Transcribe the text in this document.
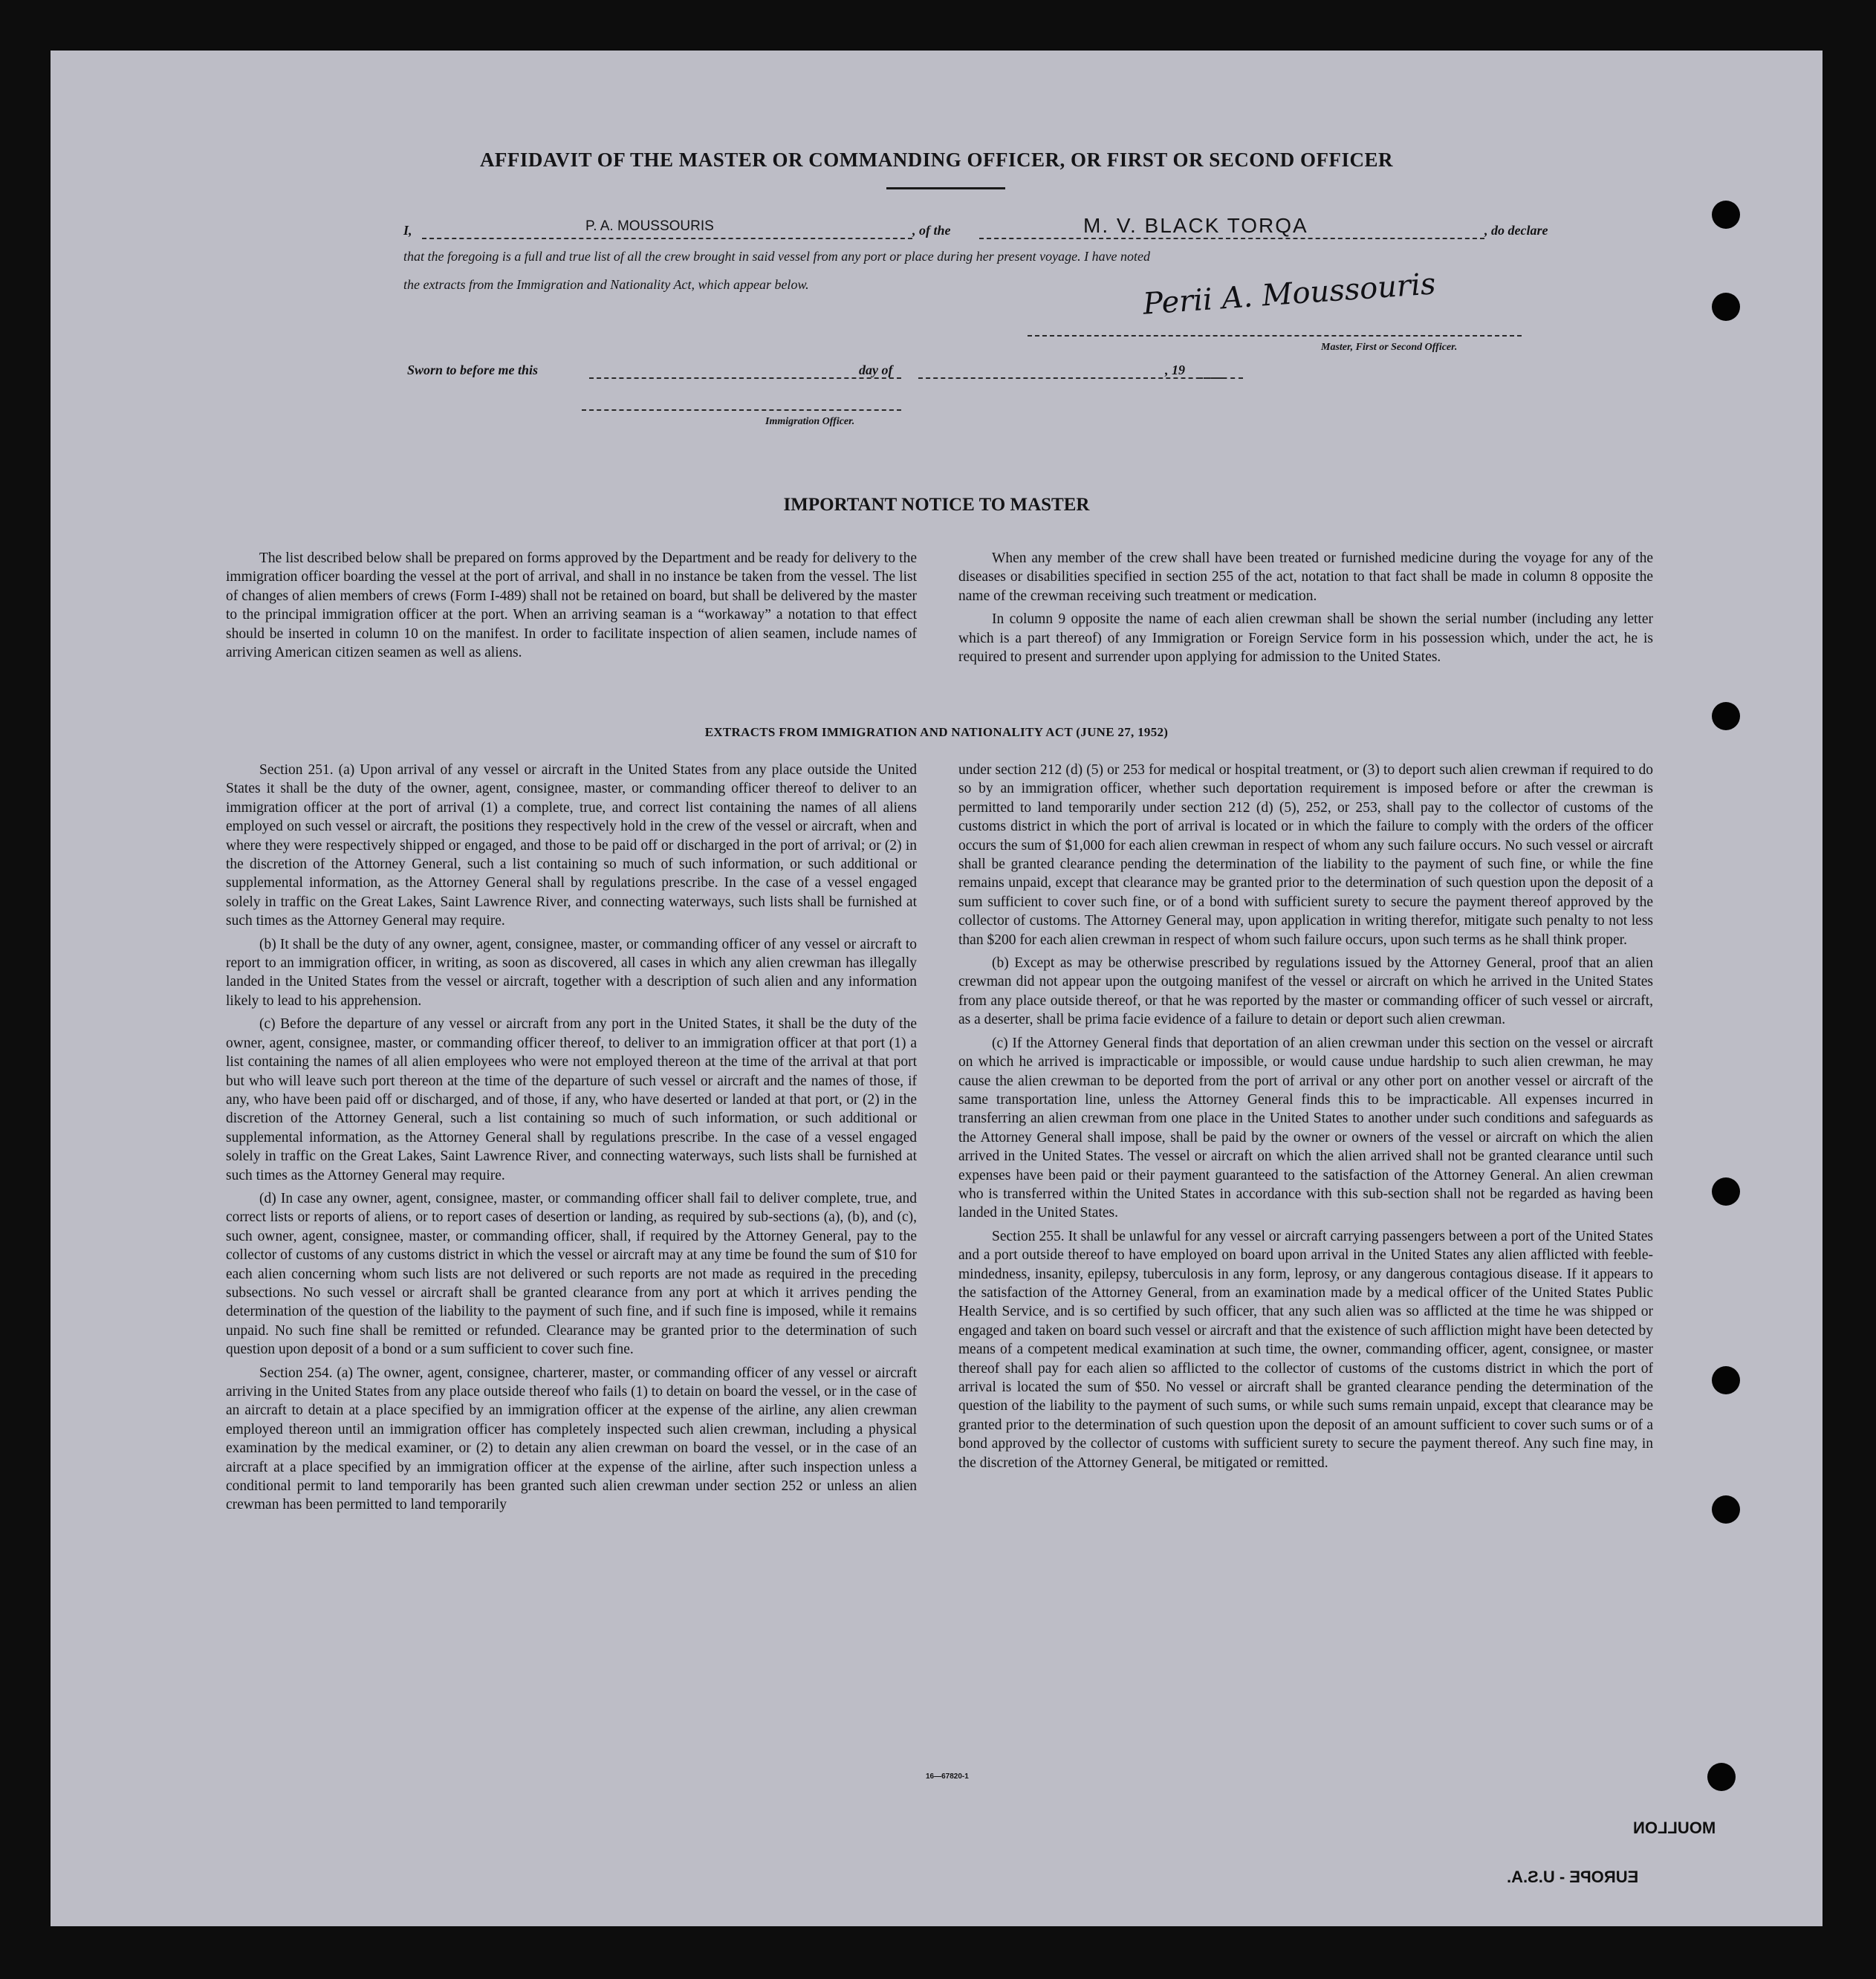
AFFIDAVIT OF THE MASTER OR COMMANDING OFFICER, OR FIRST OR SECOND OFFICER
I,	P. A. MOUSSOURIS	, of the	M. V. BLACK TORQA	, do declare
that the foregoing is a full and true list of all the crew brought in said vessel from any port or place during her present voyage. I have noted
the extracts from the Immigration and Nationality Act, which appear below.	Perii A. Moussouris
Master, First or Second Officer.
Sworn to before me this	day of	, 19
Immigration Officer.
IMPORTANT NOTICE TO MASTER

The list described below shall be prepared on forms approved by the Department and be ready for delivery to the immigration officer boarding the vessel at the port of arrival, and shall in no instance be taken from the vessel. The list of changes of alien members of crews (Form I-489) shall not be retained on board, but shall be delivered by the master to the principal immigration officer at the port. When an arriving seaman is a “workaway” a notation to that effect should be inserted in column 10 on the manifest. In order to facilitate inspection of alien seamen, include names of arriving American citizen seamen as well as aliens.

When any member of the crew shall have been treated or furnished medicine during the voyage for any of the diseases or disabilities specified in section 255 of the act, notation to that fact shall be made in column 8 opposite the name of the crewman receiving such treatment or medication.

In column 9 opposite the name of each alien crewman shall be shown the serial number (including any letter which is a part thereof) of any Immigration or Foreign Service form in his possession which, under the act, he is required to present and surrender upon applying for admission to the United States.

EXTRACTS FROM IMMIGRATION AND NATIONALITY ACT (JUNE 27, 1952)

Section 251. (a) Upon arrival of any vessel or aircraft in the United States from any place outside the United States it shall be the duty of the owner, agent, consignee, master, or commanding officer thereof to deliver to an immigration officer at the port of arrival (1) a complete, true, and correct list containing the names of all aliens employed on such vessel or aircraft, the positions they respectively hold in the crew of the vessel or aircraft, when and where they were respectively shipped or engaged, and those to be paid off or discharged in the port of arrival; or (2) in the discretion of the Attorney General, such a list containing so much of such information, or such additional or supplemental information, as the Attorney General shall by regulations prescribe. In the case of a vessel engaged solely in traffic on the Great Lakes, Saint Lawrence River, and connecting waterways, such lists shall be furnished at such times as the Attorney General may require.

(b) It shall be the duty of any owner, agent, consignee, master, or commanding officer of any vessel or aircraft to report to an immigration officer, in writing, as soon as discovered, all cases in which any alien crewman has illegally landed in the United States from the vessel or aircraft, together with a description of such alien and any information likely to lead to his apprehension.

(c) Before the departure of any vessel or aircraft from any port in the United States, it shall be the duty of the owner, agent, consignee, master, or commanding officer thereof, to deliver to an immigration officer at that port (1) a list containing the names of all alien employees who were not employed thereon at the time of the arrival at that port but who will leave such port thereon at the time of the departure of such vessel or aircraft and the names of those, if any, who have been paid off or discharged, and of those, if any, who have deserted or landed at that port, or (2) in the discretion of the Attorney General, such a list containing so much of such information, or such additional or supplemental information, as the Attorney General shall by regulations prescribe. In the case of a vessel engaged solely in traffic on the Great Lakes, Saint Lawrence River, and connecting waterways, such lists shall be furnished at such times as the Attorney General may require.

(d) In case any owner, agent, consignee, master, or commanding officer shall fail to deliver complete, true, and correct lists or reports of aliens, or to report cases of desertion or landing, as required by sub-sections (a), (b), and (c), such owner, agent, consignee, master, or commanding officer, shall, if required by the Attorney General, pay to the collector of customs of any customs district in which the vessel or aircraft may at any time be found the sum of $10 for each alien concerning whom such lists are not delivered or such reports are not made as required in the preceding subsections. No such vessel or aircraft shall be granted clearance from any port at which it arrives pending the determination of the question of the liability to the payment of such fine, and if such fine is imposed, while it remains unpaid. No such fine shall be remitted or refunded. Clearance may be granted prior to the determination of such question upon deposit of a bond or a sum sufficient to cover such fine.

Section 254. (a) The owner, agent, consignee, charterer, master, or commanding officer of any vessel or aircraft arriving in the United States from any place outside thereof who fails (1) to detain on board the vessel, or in the case of an aircraft to detain at a place specified by an immigration officer at the expense of the airline, any alien crewman employed thereon until an immigration officer has completely inspected such alien crewman, including a physical examination by the medical examiner, or (2) to detain any alien crewman on board the vessel, or in the case of an aircraft at a place specified by an immigration officer at the expense of the airline, after such inspection unless a conditional permit to land temporarily has been granted such alien crewman under section 252 or unless an alien crewman has been permitted to land temporarily

under section 212 (d) (5) or 253 for medical or hospital treatment, or (3) to deport such alien crewman if required to do so by an immigration officer, whether such deportation requirement is imposed before or after the crewman is permitted to land temporarily under section 212 (d) (5), 252, or 253, shall pay to the collector of customs of the customs district in which the port of arrival is located or in which the failure to comply with the orders of the officer occurs the sum of $1,000 for each alien crewman in respect of whom any such failure occurs. No such vessel or aircraft shall be granted clearance pending the determination of the liability to the payment of such fine, or while the fine remains unpaid, except that clearance may be granted prior to the determination of such question upon the deposit of a sum sufficient to cover such fine, or of a bond with sufficient surety to secure the payment thereof approved by the collector of customs. The Attorney General may, upon application in writing therefor, mitigate such penalty to not less than $200 for each alien crewman in respect of whom such failure occurs, upon such terms as he shall think proper.

(b) Except as may be otherwise prescribed by regulations issued by the Attorney General, proof that an alien crewman did not appear upon the outgoing manifest of the vessel or aircraft on which he arrived in the United States from any place outside thereof, or that he was reported by the master or commanding officer of such vessel or aircraft, as a deserter, shall be prima facie evidence of a failure to detain or deport such alien crewman.

(c) If the Attorney General finds that deportation of an alien crewman under this section on the vessel or aircraft on which he arrived is impracticable or impossible, or would cause undue hardship to such alien crewman, he may cause the alien crewman to be deported from the port of arrival or any other port on another vessel or aircraft of the same transportation line, unless the Attorney General finds this to be impracticable. All expenses incurred in transferring an alien crewman from one place in the United States to another under such conditions and safeguards as the Attorney General shall impose, shall be paid by the owner or owners of the vessel or aircraft on which the alien arrived in the United States. The vessel or aircraft on which the alien arrived shall not be granted clearance until such expenses have been paid or their payment guaranteed to the satisfaction of the Attorney General. An alien crewman who is transferred within the United States in accordance with this sub-section shall not be regarded as having been landed in the United States.

Section 255. It shall be unlawful for any vessel or aircraft carrying passengers between a port of the United States and a port outside thereof to have employed on board upon arrival in the United States any alien afflicted with feeble-mindedness, insanity, epilepsy, tuberculosis in any form, leprosy, or any dangerous contagious disease. If it appears to the satisfaction of the Attorney General, from an examination made by a medical officer of the United States Public Health Service, and is so certified by such officer, that any such alien was so afflicted at the time he was shipped or engaged and taken on board such vessel or aircraft and that the existence of such affliction might have been detected by means of a competent medical examination at such time, the owner, commanding officer, agent, consignee, or master thereof shall pay for each alien so afflicted to the collector of customs of the customs district in which the port of arrival is located the sum of $50. No vessel or aircraft shall be granted clearance pending the determination of the question of the liability to the payment of such sums, or while such sums remain unpaid, except that clearance may be granted prior to the determination of such question upon the deposit of an amount sufficient to cover such sums or of a bond approved by the collector of customs with sufficient surety to secure the payment thereof. Any such fine may, in the discretion of the Attorney General, be mitigated or remitted.

16—67820-1
MOULLON
EUROPE - U.S.A.
